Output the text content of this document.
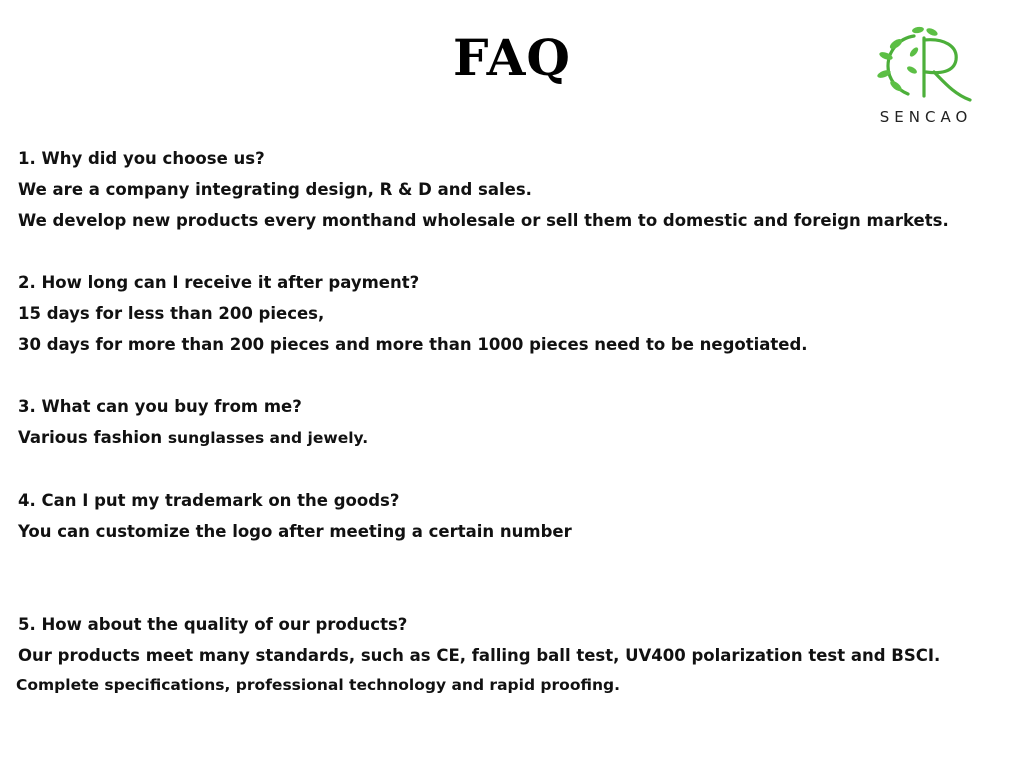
FAQ
SENCAO
1. Why did you choose us?
We are a company integrating design, R & D and sales.
We develop new products every monthand wholesale or sell them to domestic and foreign markets.
2. How long can I receive it after payment?
15 days for less than 200 pieces,
30 days for more than 200 pieces and more than 1000 pieces need to be negotiated.
3. What can you buy from me?
Various fashion sunglasses and jewely.
4. Can I put my trademark on the goods?
You can customize the logo after meeting a certain number
5. How about the quality of our products?
Our products meet many standards, such as CE, falling ball test, UV400 polarization test and BSCI.
Complete specifications, professional technology and rapid proofing.
